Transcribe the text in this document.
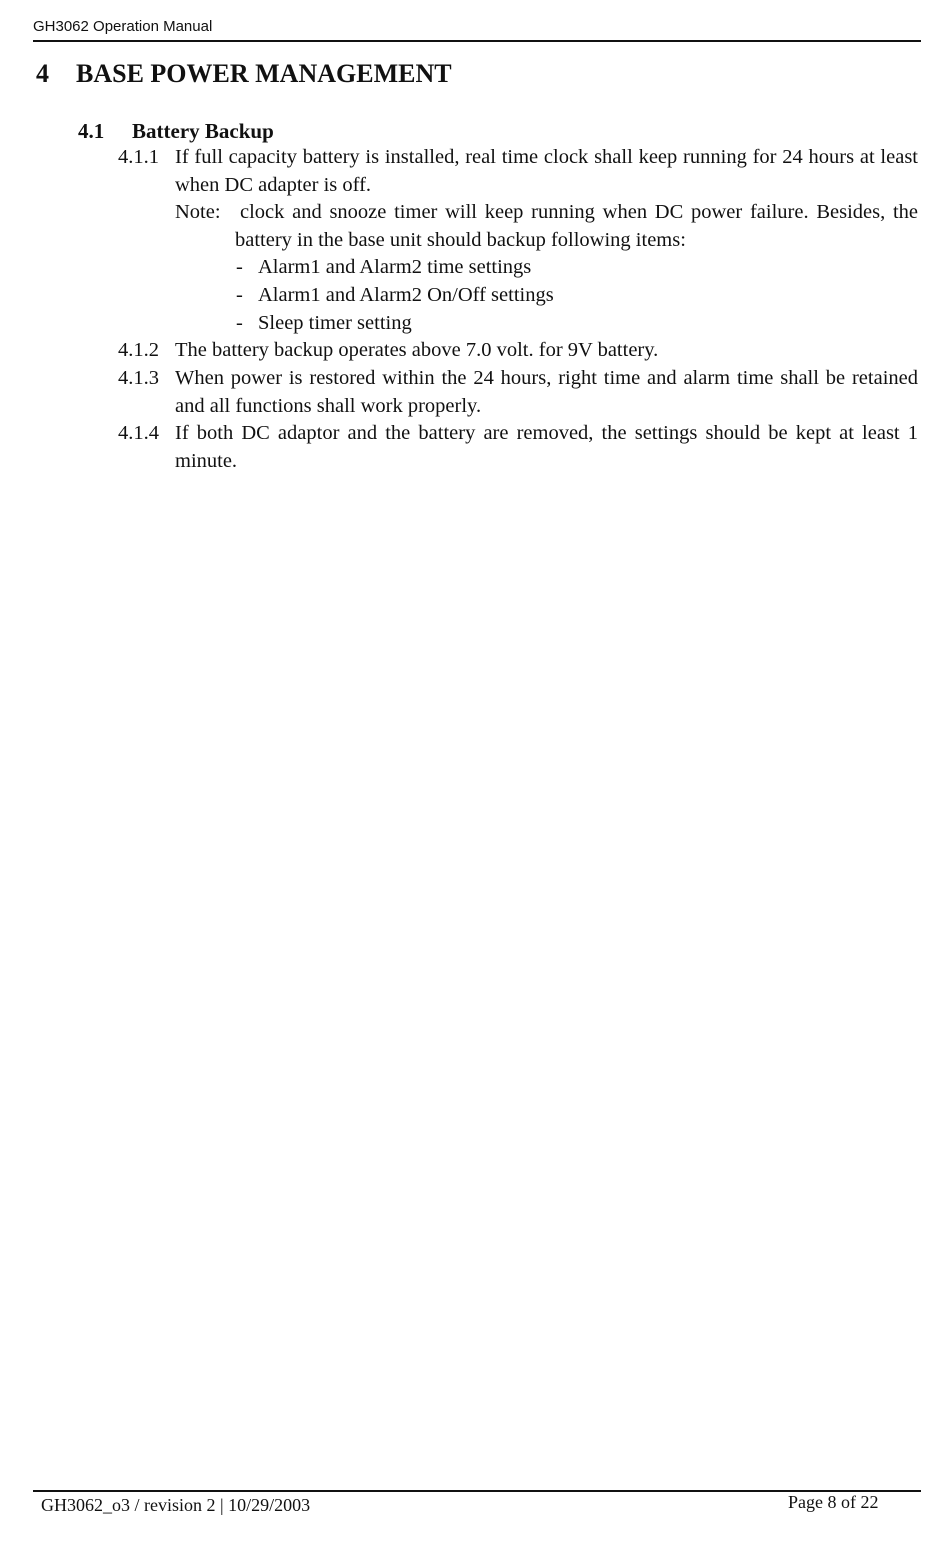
GH3062 Operation Manual
4 BASE POWER MANAGEMENT
4.1 Battery Backup
4.1.1 If full capacity battery is installed, real time clock shall keep running for 24 hours at least when DC adapter is off.
Note: clock and snooze timer will keep running when DC power failure. Besides, the battery in the base unit should backup following items:
- Alarm1 and Alarm2 time settings
- Alarm1 and Alarm2 On/Off settings
- Sleep timer setting
4.1.2 The battery backup operates above 7.0 volt. for 9V battery.
4.1.3 When power is restored within the 24 hours, right time and alarm time shall be retained and all functions shall work properly.
4.1.4 If both DC adaptor and the battery are removed, the settings should be kept at least 1 minute.
GH3062_o3 / revision 2 | 10/29/2003	Page 8 of 22
